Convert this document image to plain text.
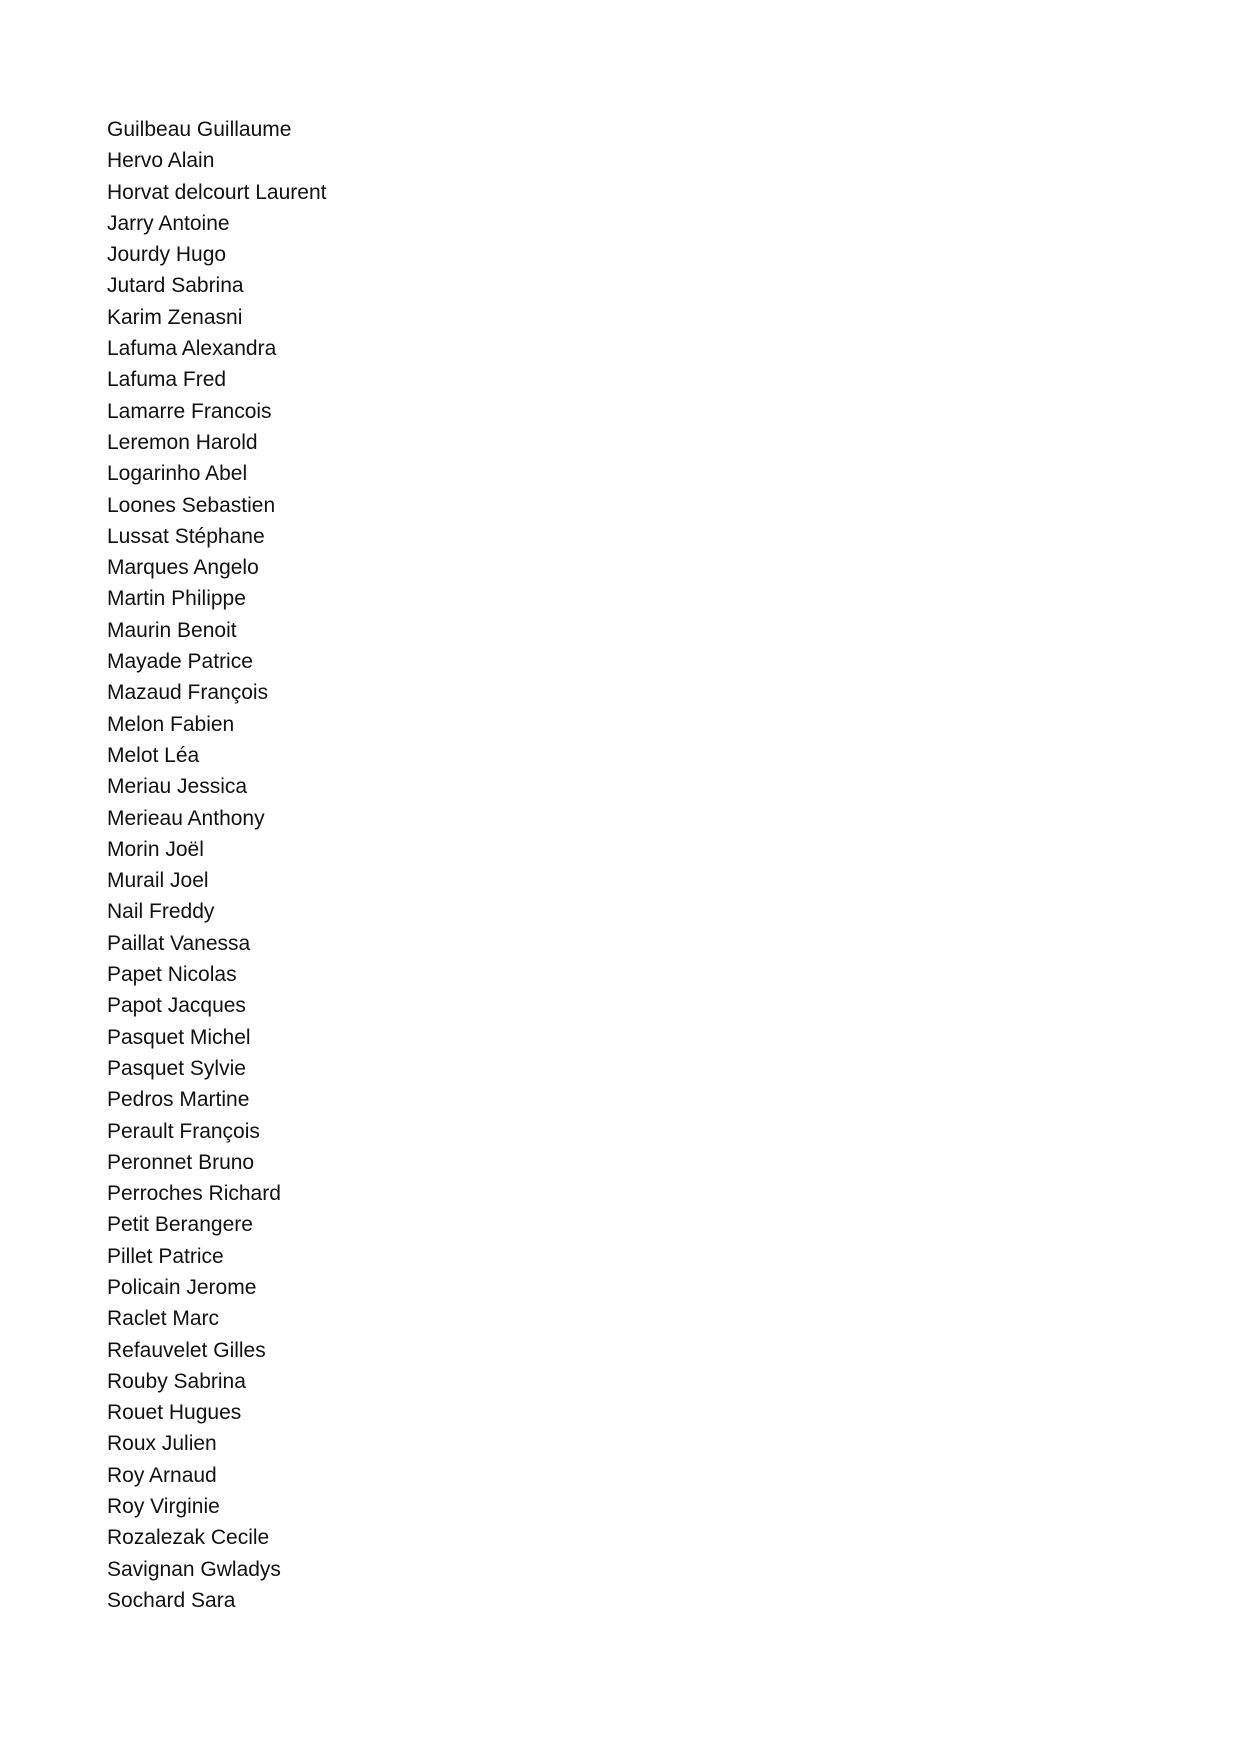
Guilbeau Guillaume
Hervo Alain
Horvat delcourt Laurent
Jarry Antoine
Jourdy Hugo
Jutard Sabrina
Karim Zenasni
Lafuma Alexandra
Lafuma Fred
Lamarre Francois
Leremon Harold
Logarinho Abel
Loones Sebastien
Lussat Stéphane
Marques Angelo
Martin Philippe
Maurin Benoit
Mayade Patrice
Mazaud François
Melon Fabien
Melot Léa
Meriau Jessica
Merieau Anthony
Morin Joël
Murail Joel
Nail Freddy
Paillat Vanessa
Papet Nicolas
Papot Jacques
Pasquet Michel
Pasquet Sylvie
Pedros Martine
Perault François
Peronnet Bruno
Perroches Richard
Petit Berangere
Pillet Patrice
Policain Jerome
Raclet Marc
Refauvelet Gilles
Rouby Sabrina
Rouet Hugues
Roux Julien
Roy Arnaud
Roy Virginie
Rozalezak Cecile
Savignan Gwladys
Sochard Sara
